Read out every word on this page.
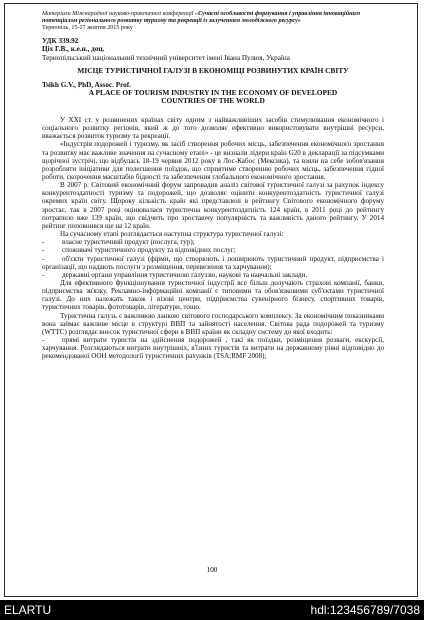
Матеріали Міжнародної науково-практичної конференції «Сучасні особливості формування і управління інноваційним потенціалом регіонального розвитку туризму та рекреації із залученням молодіжного ресурсу»
Тернопіль, 15-17 жовтня 2015 року
УДК 339.92
Ціх Г.В., к.е.н., доц.
Тернопільський національний технічний університет імені Івана Пулюя, Україна
МІСЦЕ ТУРИСТИЧНОЇ ГАЛУЗІ В ЕКОНОМІЦІ РОЗВИНУТИХ КРАЇН СВІТУ
Tsikh G.V., PhD, Assoc. Prof.
A PLACE OF TOURISM INDUSTRY IN THE ECONOMY OF DEVELOPED COUNTRIES OF THE WORLD

У XXI ст. у розвинених країнах світу одним з найважливіших засобів стимулювання економічного і соціального розвитку регіонів, який ж до того дозволяє ефективно використовувати внутрішні ресурси, вважається розвиток туризму та рекреації.

«Індустрія подорожей і туризму, як засіб створення робочих місць, забезпечення економічного зростання та розвитку має важливе значення на сучасному етапі» - це визнали лідери країн G20 в декларації за підсумками щорічної зустрічі, що відбулась 18-19 червня 2012 року в Лос-Кабос (Мексика), та взяли на себе зобов'язання розробляти ініціативи для полегшення поїздок, що сприятиме створенню робочих місць, забезпечення гідної роботи, скорочення масштабів бідності та забезпечення глобального економічного зростання.

В 2007 р. Світовий економічний форум запровадив аналіз світової туристичної галузі за рахунок індексу конкурентоздатності туризму та подорожей, що дозволяє оцінити конкурентоздатність туристичної галузі окремих країн світу. Щороку кількість країн які представлені в рейтингу Світового економічного форуму зростає, так в 2007 році оцінювалася туристична конкурентоздатність 124 країн, в 2011 році до рейтингу потрапило вже 139 країн, що свідчить про зростаючу популярність та важливість даного рейтингу. У 2014 рейтинг поповнився ще на 12 країн.

На сучасному етапі розглядається наступна структура туристичної галузі:

- власне туристичний продукт (послуга, тур);

- споживачі туристичного продукту та відповідних послуг;

- об'єкти туристичної галузі (фірми, що створюють і поширюють туристичний продукт, підприємства і організації, що надають послуги з розміщення, перевезення та харчування);

- державні органи управління туристичною галуззю, наукові та навчальні заклади.

Для ефективного функціонування туристичної індустрії все більш долучають страхові компанії, банки, підприємства зв'язку. Рекламно-інформаційні компанії є типовими та обов'язковими суб'єктами туристичної галузі. До них належать також і візові центри, підприємства сувенірного бізнесу, спортивних товарів, туристичних товарів, фототоварів, літератури, тощо.

Туристична галузь є важливою ланкою світового господарського комплексу. За економічним показниками вона займає важливе місце в структурі ВВП та зайнятості населення. Світова рада подорожей та туризму (WTTC) розглядає внесок туристичної сфери в ВВП країни як складну систему до якої входить:

- прямі витрати туристів на здійснення подорожей , такі як поїздки, розміщення розваги, екскурсії, харчування. Розглядаються витрати внутрішніх, в'їзних туристів та витрати на державному рівні відповідно до рекомендованої ООН методології туристичних рахунків (TSA:RMF 2008);

100
ELARTU	hdl:123456789/7038
